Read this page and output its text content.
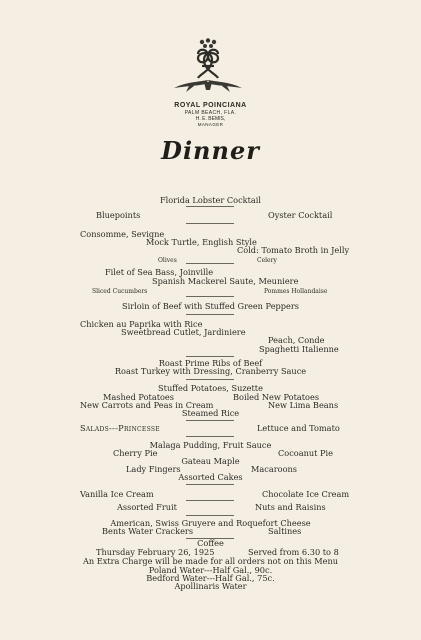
ROYAL POINCIANA
PALM BEACH, FLA.
H. E. BEMIS,
MANAGER
Dinner
Florida Lobster Cocktail
Bluepoints	Oyster Cocktail
Consomme, Sevigne
Mock Turtle, English Style
Cold: Tomato Broth in Jelly
Olives	Celery
Filet of Sea Bass, Joinville
Spanish Mackerel Saute, Meuniere
Sliced Cucumbers	Pommes Hollandaise
Sirloin of Beef with Stuffed Green Peppers
Chicken au Paprika with Rice
Sweetbread Cutlet, Jardiniere
Peach, Conde
Spaghetti Italienne
Roast Prime Ribs of Beef
Roast Turkey with Dressing, Cranberry Sauce
Stuffed Potatoes, Suzette
Mashed Potatoes	Boiled New Potatoes
New Carrots and Peas in Cream	New Lima Beans
Steamed Rice
Salads---Princesse	Lettuce and Tomato
Malaga Pudding, Fruit Sauce
Cherry Pie	Cocoanut Pie
Gateau Maple
Lady Fingers	Macaroons
Assorted Cakes
Vanilla Ice Cream	Chocolate Ice Cream
Assorted Fruit	Nuts and Raisins
American, Swiss Gruyere and Roquefort Cheese
Bents Water Crackers	Saltines
Coffee
Thursday February 26, 1925	Served from 6.30 to 8
An Extra Charge will be made for all orders not on this Menu
Poland Water---Half Gal., 90c.
Bedford Water---Half Gal., 75c.
Apollinaris Water
